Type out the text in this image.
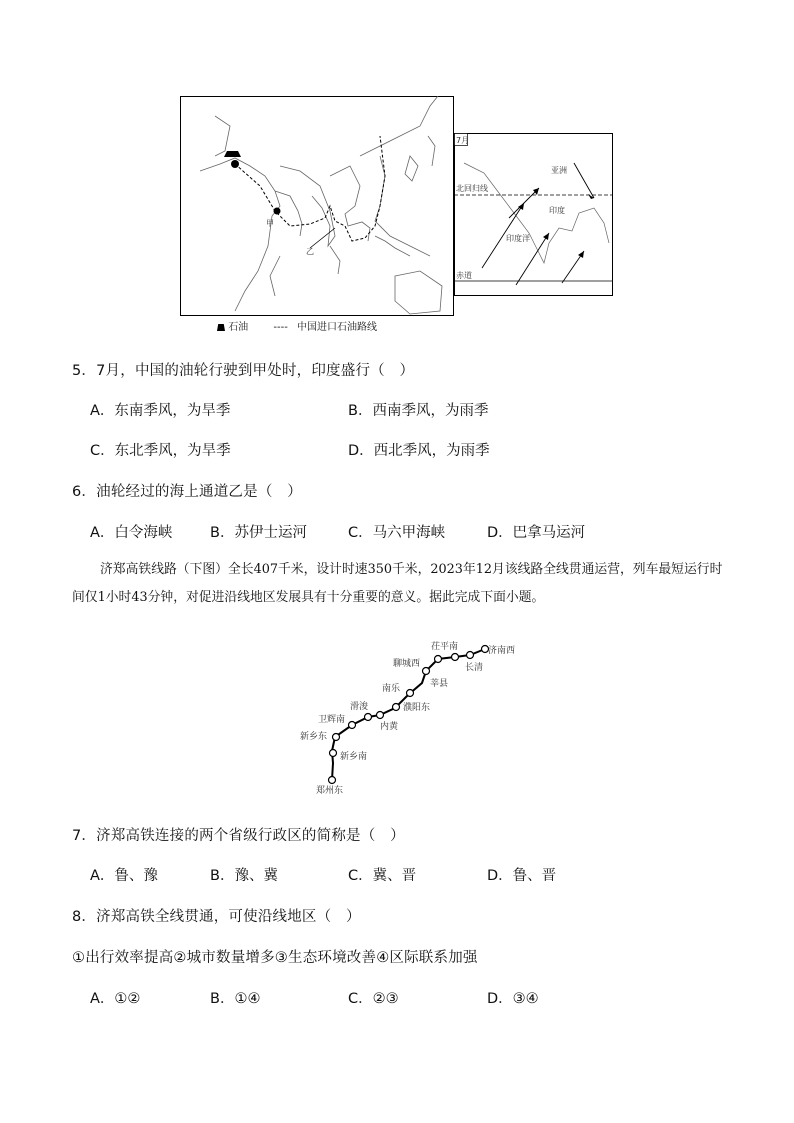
甲
乙
7月
北回归线
赤道
亚洲
印度
印度洋
石油	---- 中国进口石油路线
5．7月，中国的油轮行驶到甲处时，印度盛行（　）
A．东南季风，为旱季	B．西南季风，为雨季
C．东北季风，为旱季	D．西北季风，为雨季
6．油轮经过的海上通道乙是（　）
A．白令海峡	B．苏伊士运河	C．马六甲海峡	D．巴拿马运河
济郑高铁线路（下图）全长407千米，设计时速350千米，2023年12月该线路全线贯通运营，列车最短运行时间仅1小时43分钟，对促进沿线地区发展具有十分重要的意义。据此完成下面小题。
济南西
长清
茌平南
聊城西
莘县
南乐
濮阳东
内黄
滑浚
卫辉南
新乡东
新乡南
郑州东
7．济郑高铁连接的两个省级行政区的简称是（　）
A．鲁、豫	B．豫、冀	C．冀、晋	D．鲁、晋
8．济郑高铁全线贯通，可使沿线地区（　）
①出行效率提高②城市数量增多③生态环境改善④区际联系加强
A．①②	B．①④	C．②③	D．③④
